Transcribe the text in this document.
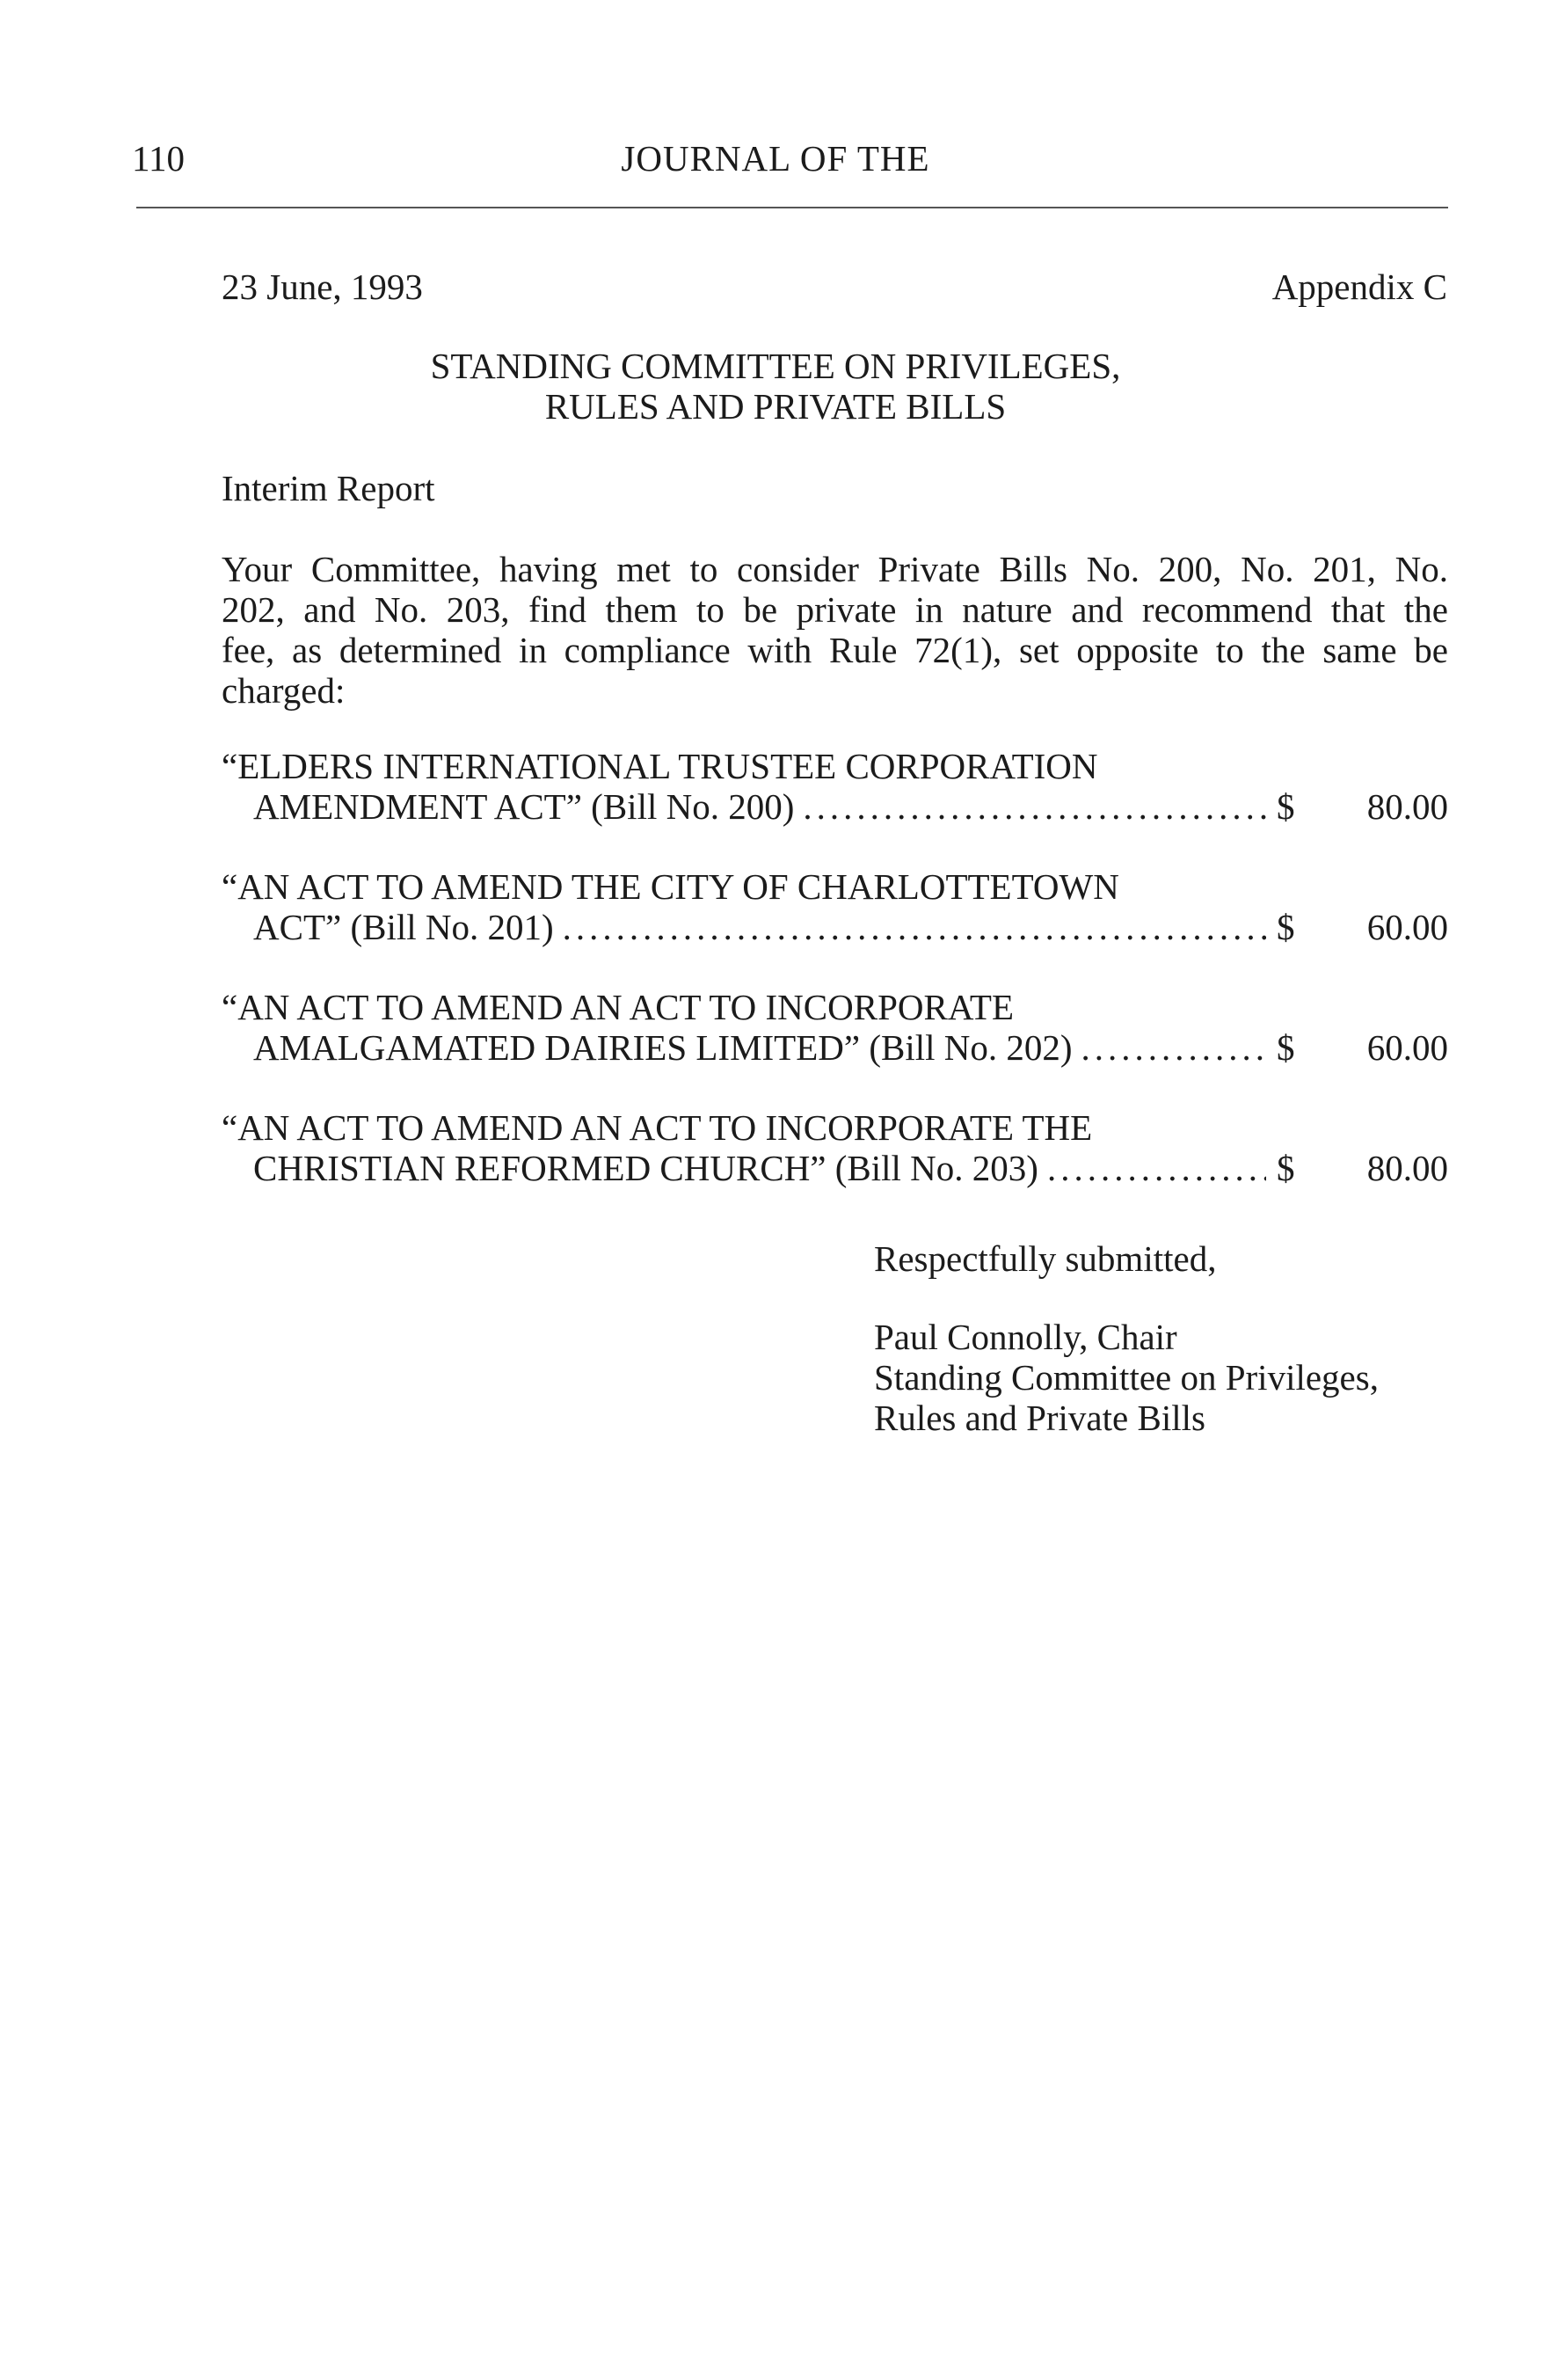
110	JOURNAL OF THE
23 June, 1993	Appendix C
STANDING COMMITTEE ON PRIVILEGES,
RULES AND PRIVATE BILLS
Interim Report
Your Committee, having met to consider Private Bills No. 200, No. 201, No.
202, and No. 203, find them to be private in nature and recommend that the
fee, as determined in compliance with Rule 72(1), set opposite to the same be
charged:
“ELDERS INTERNATIONAL TRUSTEE CORPORATION
AMENDMENT ACT” (Bill No. 200) .....	$	80.00
“AN ACT TO AMEND THE CITY OF CHARLOTTETOWN
ACT” (Bill No. 201) .....	$	60.00
“AN ACT TO AMEND AN ACT TO INCORPORATE
AMALGAMATED DAIRIES LIMITED” (Bill No. 202) .....	$	60.00
“AN ACT TO AMEND AN ACT TO INCORPORATE THE
CHRISTIAN REFORMED CHURCH” (Bill No. 203) .....	$	80.00
Respectfully submitted,
Paul Connolly, Chair
Standing Committee on Privileges,
Rules and Private Bills
